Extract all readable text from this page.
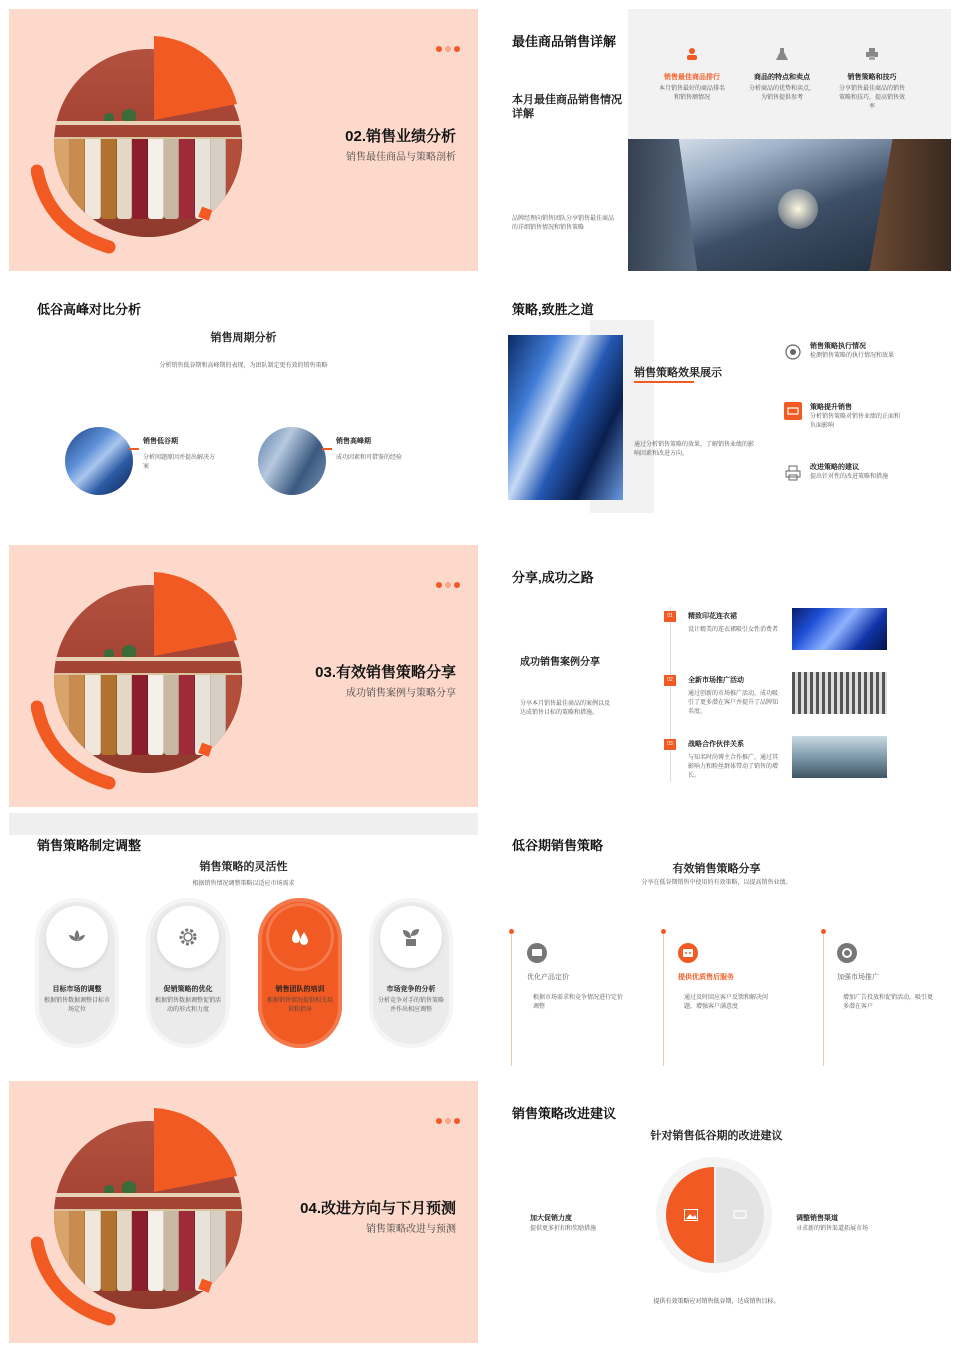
02.销售业绩分析
销售最佳商品与策略剖析
最佳商品销售详解
本月最佳商品销售情况详解
品牌经理向销售团队分享销售最佳商品的详细销售情况和销售策略
销售最佳商品排行
本月销售最好的商品排名和销售额情况
商品的特点和卖点
分析商品的优势和卖点，为销售提供参考
销售策略和技巧
分享销售最佳商品的销售策略和技巧，提高销售效率
低谷高峰对比分析
销售周期分析
分析销售低谷期和高峰期的表现，为团队制定更有效的销售策略
销售低谷期
分析问题原因并提出解决方案
销售高峰期
成功因素和可借鉴的经验
策略,致胜之道
销售策略效果展示
通过分析销售策略的效果，了解销售业绩的影响因素和改进方向。
销售策略执行情况
检测销售策略的执行情况和效果
策略提升销售
分析销售策略对销售业绩的正面和负面影响
改进策略的建议
提出针对性的改进策略和措施
03.有效销售策略分享
成功销售案例与策略分享
分享,成功之路
成功销售案例分享
分享本月销售最佳商品的案例以及达成销售目标的策略和措施。
01	精致印花连衣裙
设计精美的连衣裙吸引女性消费者
02	全新市场推广活动
通过创新的市场推广活动，成功吸引了更多潜在客户并提升了品牌知名度。
03	战略合作伙伴关系
与知名时尚博主合作推广，通过其影响力和粉丝群体带动了销售的增长。
销售策略制定调整
销售策略的灵活性
根据销售情况调整策略以适应市场需求
目标市场的调整
根据销售数据调整目标市场定位
促销策略的优化
根据销售数据调整促销活动的形式和力度
销售团队的培训
根据销售情况提供相关培训和指导
市场竞争的分析
分析竞争对手的销售策略并作出相应调整
低谷期销售策略
有效销售策略分享
分享在低谷期销售中使用的有效策略，以提高销售业绩。
优化产品定价
根据市场需求和竞争情况进行定价调整
提供优质售后服务
通过及时回应客户反馈和解决问题，增强客户满意度
加强市场推广
增加广告投放和促销活动，吸引更多潜在客户
04.改进方向与下月预测
销售策略改进与预测
销售策略改进建议
针对销售低谷期的改进建议
加大促销力度
提供更多折扣和奖励措施
调整销售渠道
寻求新的销售渠道拓展市场
提供有效策略应对销售低谷期，达成销售目标。
